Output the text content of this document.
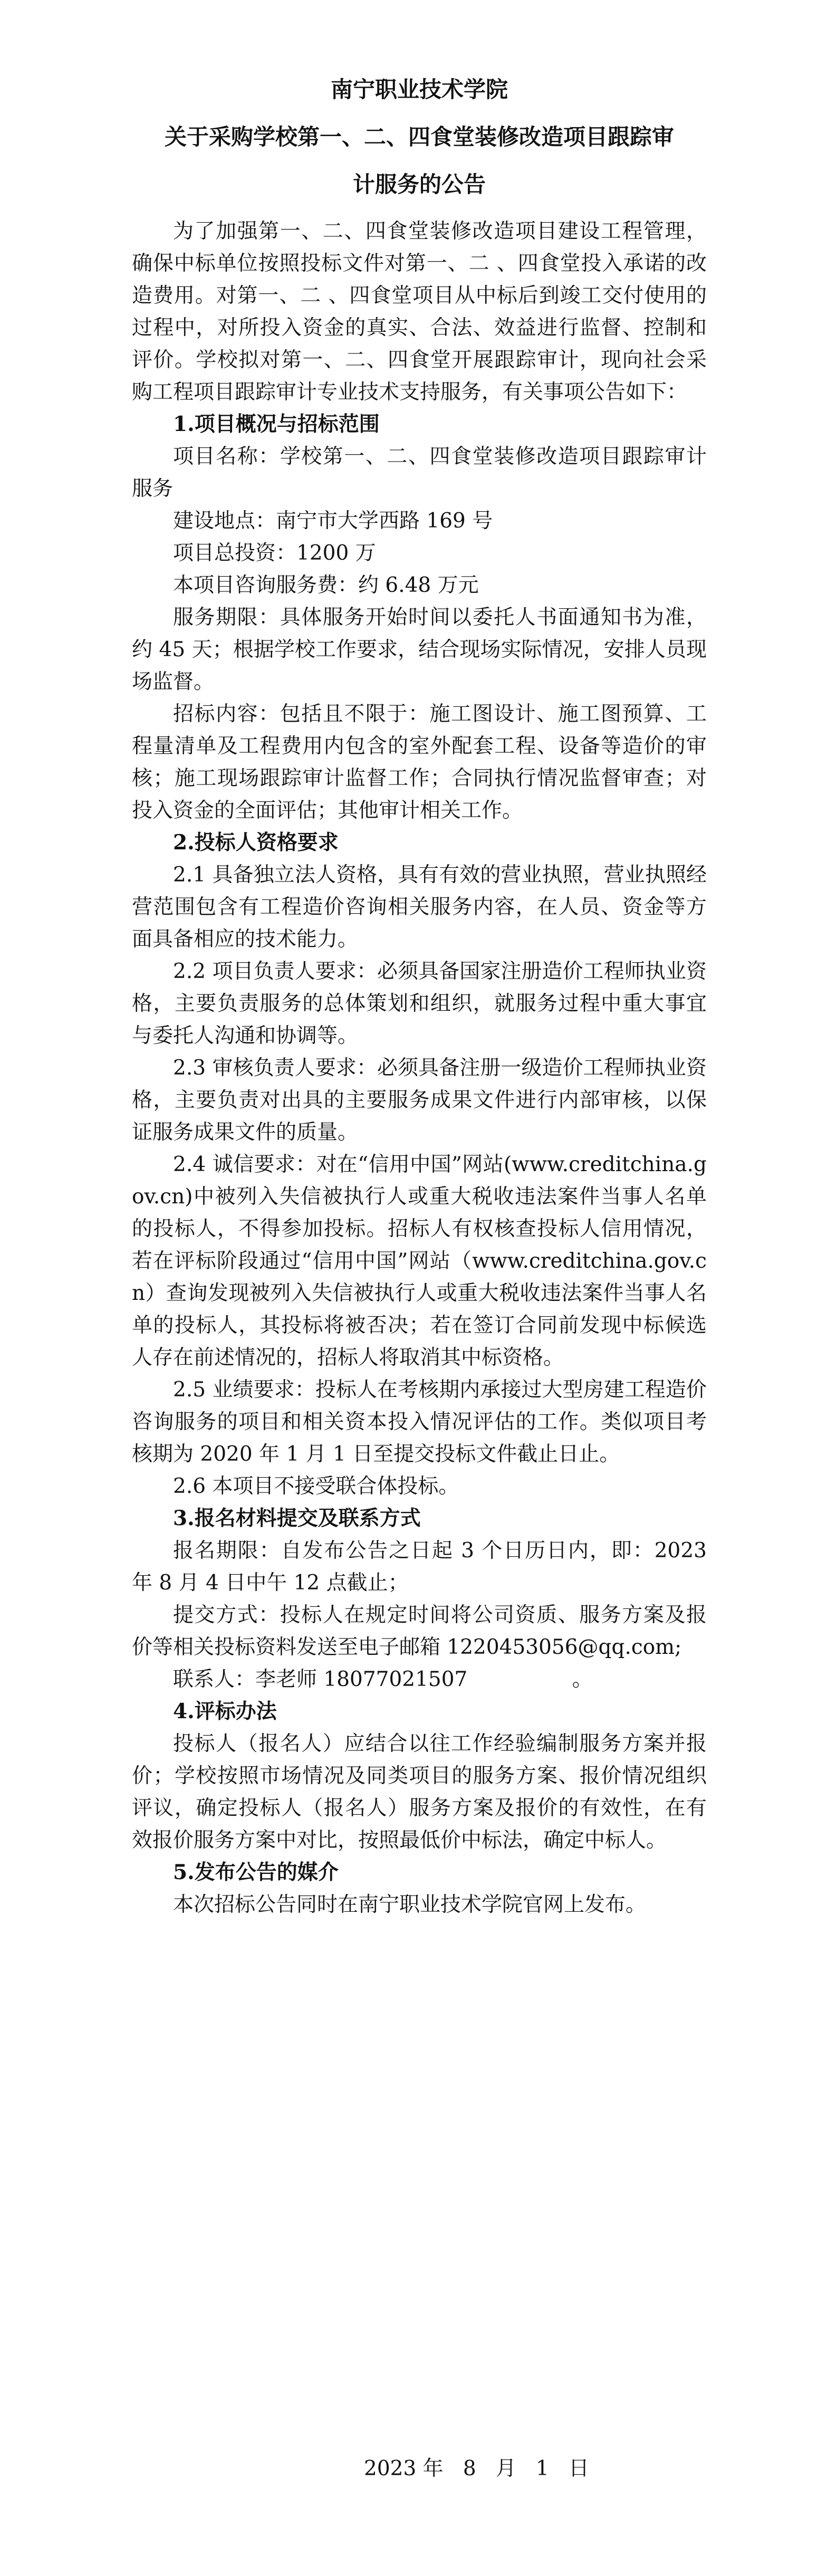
南宁职业技术学院
关于采购学校第一、二、四食堂装修改造项目跟踪审
计服务的公告

为了加强第一、二、四食堂装修改造项目建设工程管理，确保中标单位按照投标文件对第一、二 、四食堂投入承诺的改造费用。对第一、二 、四食堂项目从中标后到竣工交付使用的过程中，对所投入资金的真实、合法、效益进行监督、控制和评价。学校拟对第一、二、四食堂开展跟踪审计，现向社会采购工程项目跟踪审计专业技术支持服务，有关事项公告如下：

1.项目概况与招标范围

项目名称：学校第一、二、四食堂装修改造项目跟踪审计服务

建设地点：南宁市大学西路 169 号

项目总投资：1200 万

本项目咨询服务费：约 6.48 万元

服务期限：具体服务开始时间以委托人书面通知书为准，约 45 天；根据学校工作要求，结合现场实际情况，安排人员现场监督。

招标内容：包括且不限于：施工图设计、施工图预算、工程量清单及工程费用内包含的室外配套工程、设备等造价的审核；施工现场跟踪审计监督工作；合同执行情况监督审查；对投入资金的全面评估；其他审计相关工作。

2.投标人资格要求

2.1 具备独立法人资格，具有有效的营业执照，营业执照经营范围包含有工程造价咨询相关服务内容，在人员、资金等方面具备相应的技术能力。

2.2 项目负责人要求：必须具备国家注册造价工程师执业资格，主要负责服务的总体策划和组织，就服务过程中重大事宜与委托人沟通和协调等。

2.3 审核负责人要求：必须具备注册一级造价工程师执业资格，主要负责对出具的主要服务成果文件进行内部审核，以保证服务成果文件的质量。

2.4 诚信要求：对在“信用中国”网站(www.creditchina.gov.cn)中被列入失信被执行人或重大税收违法案件当事人名单的投标人，不得参加投标。招标人有权核查投标人信用情况，若在评标阶段通过“信用中国”网站（www.creditchina.gov.cn）查询发现被列入失信被执行人或重大税收违法案件当事人名单的投标人，其投标将被否决；若在签订合同前发现中标候选人存在前述情况的，招标人将取消其中标资格。

2.5 业绩要求：投标人在考核期内承接过大型房建工程造价咨询服务的项目和相关资本投入情况评估的工作。类似项目考核期为 2020 年 1 月 1 日至提交投标文件截止日止。

2.6 本项目不接受联合体投标。

3.报名材料提交及联系方式

报名期限：自发布公告之日起 3 个日历日内，即：2023 年 8 月 4 日中午 12 点截止；

提交方式：投标人在规定时间将公司资质、服务方案及报价等相关投标资料发送至电子邮箱 1220453056@qq.com;

联系人：李老师 18077021507                。

4.评标办法

投标人（报名人）应结合以往工作经验编制服务方案并报价；学校按照市场情况及同类项目的服务方案、报价情况组织评议，确定投标人（报名人）服务方案及报价的有效性，在有效报价服务方案中对比，按照最低价中标法，确定中标人。

5.发布公告的媒介

本次招标公告同时在南宁职业技术学院官网上发布。

2023 年   8   月   1   日
